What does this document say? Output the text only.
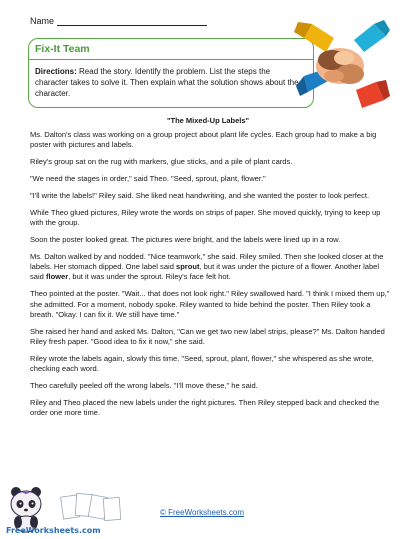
Name
Fix-It Team
Directions: Read the story. Identify the problem. List the steps the character takes to solve it. Then explain what the solution shows about the character.
"The Mixed-Up Labels"

Ms. Dalton's class was working on a group project about plant life cycles. Each group had to make a big poster with pictures and labels.

Riley's group sat on the rug with markers, glue sticks, and a pile of plant cards.

"We need the stages in order," said Theo. "Seed, sprout, plant, flower."

"I'll write the labels!" Riley said. She liked neat handwriting, and she wanted the poster to look perfect.

While Theo glued pictures, Riley wrote the words on strips of paper. She moved quickly, trying to keep up with the group.

Soon the poster looked great. The pictures were bright, and the labels were lined up in a row.

Ms. Dalton walked by and nodded. "Nice teamwork," she said. Riley smiled. Then she looked closer at the labels. Her stomach dipped. One label said sprout, but it was under the picture of a flower. Another label said flower, but it was under the sprout. Riley's face felt hot.

Theo pointed at the poster. "Wait... that does not look right." Riley swallowed hard. "I think I mixed them up," she admitted. For a moment, nobody spoke. Riley wanted to hide behind the poster. Then Riley took a breath. "Okay. I can fix it. We still have time."

She raised her hand and asked Ms. Dalton, "Can we get two new label strips, please?" Ms. Dalton handed Riley fresh paper. "Good idea to fix it now," she said.

Riley wrote the labels again, slowly this time. "Seed, sprout, plant, flower," she whispered as she wrote, checking each word.

Theo carefully peeled off the wrong labels. "I'll move these," he said.

Riley and Theo placed the new labels under the right pictures. Then Riley stepped back and checked the order one more time.

FreeWorksheets.com
© FreeWorksheets.com
